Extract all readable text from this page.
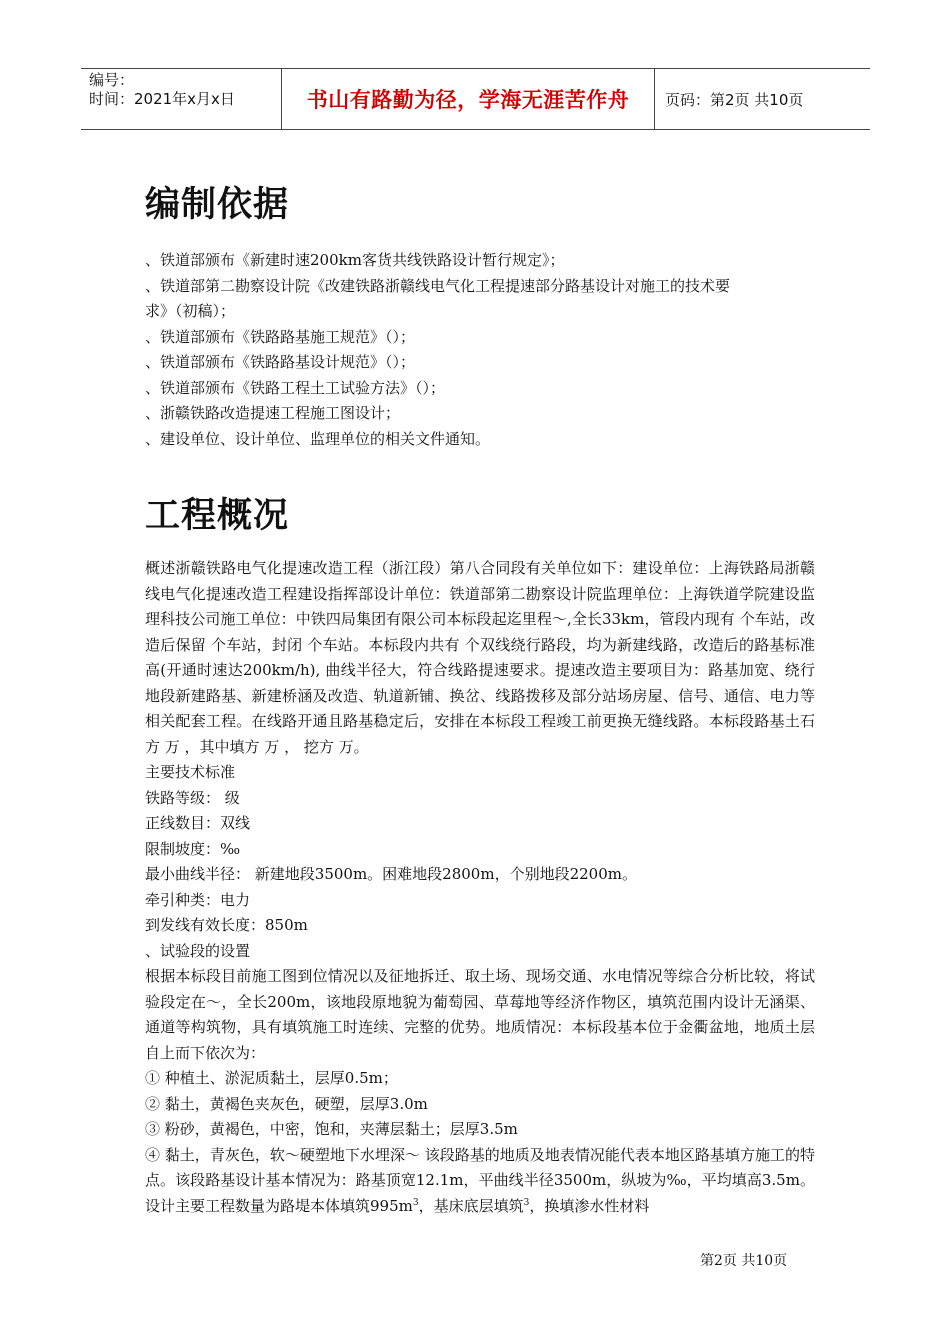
编号：
时间：2021年x月x日	书山有路勤为径，学海无涯苦作舟 页码：第2页 共10页
编制依据
、铁道部颁布《新建时速200km客货共线铁路设计暂行规定》；
、铁道部第二勘察设计院《改建铁路浙赣线电气化工程提速部分路基设计对施工的技术要
求》（初稿）；
、铁道部颁布《铁路路基施工规范》（）；
、铁道部颁布《铁路路基设计规范》（）；
、铁道部颁布《铁路工程土工试验方法》（）；
、浙赣铁路改造提速工程施工图设计；
、建设单位、设计单位、监理单位的相关文件通知。
工程概况
概述浙赣铁路电气化提速改造工程（浙江段）第八合同段有关单位如下：建设单位：上海铁路局浙赣线电气化提速改造工程建设指挥部设计单位：铁道部第二勘察设计院监理单位：上海铁道学院建设监理科技公司施工单位：中铁四局集团有限公司本标段起迄里程～,全长33km，管段内现有 个车站，改造后保留 个车站，封闭 个车站。本标段内共有 个双线绕行路段，均为新建线路，改造后的路基标准高(开通时速达200km/h), 曲线半径大，符合线路提速要求。提速改造主要项目为：路基加宽、绕行地段新建路基、新建桥涵及改造、轨道新铺、换岔、线路拨移及部分站场房屋、信号、通信、电力等相关配套工程。在线路开通且路基稳定后，安排在本标段工程竣工前更换无缝线路。本标段路基土石方 万 ，其中填方 万 ， 挖方 万。
主要技术标准
铁路等级： 级
正线数目：双线
限制坡度：‰
最小曲线半径： 新建地段3500m。困难地段2800m，个别地段2200m。
牵引种类：电力
到发线有效长度：850m
、试验段的设置
根据本标段目前施工图到位情况以及征地拆迁、取土场、现场交通、水电情况等综合分析比较，将试验段定在～，全长200m，该地段原地貌为葡萄园、草莓地等经济作物区，填筑范围内设计无涵渠、通道等构筑物，具有填筑施工时连续、完整的优势。地质情况：本标段基本位于金衢盆地，地质土层自上而下依次为：
① 种植土、淤泥质黏土，层厚0.5m；
② 黏土，黄褐色夹灰色，硬塑，层厚3.0m
③ 粉砂，黄褐色，中密，饱和，夹薄层黏土；层厚3.5m
④ 黏土，青灰色，软～硬塑地下水埋深～ 该段路基的地质及地表情况能代表本地区路基填方施工的特点。该段路基设计基本情况为：路基顶宽12.1m，平曲线半径3500m，纵坡为‰，平均填高3.5m。设计主要工程数量为路堤本体填筑$995m^3$，基床底层填筑$^3$，换填渗水性材料
第2页 共10页
